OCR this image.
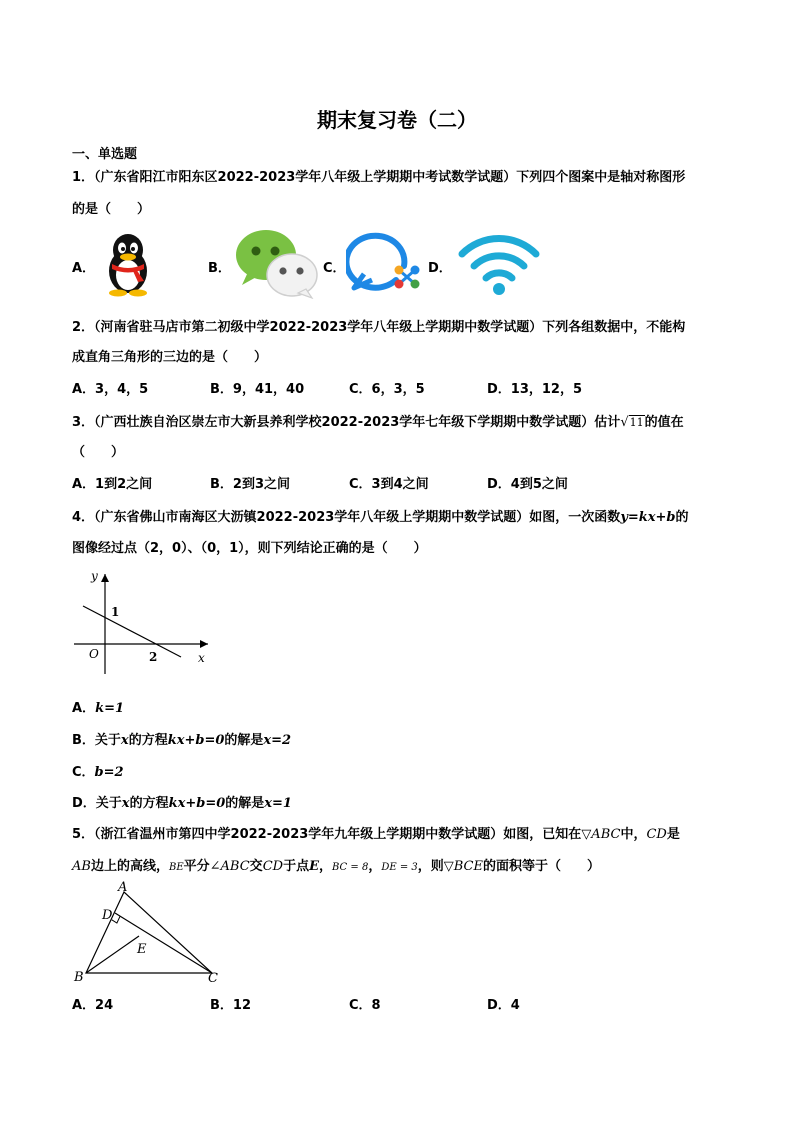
期末复习卷（二）
一、单选题
1．（广东省阳江市阳东区2022-2023学年八年级上学期期中考试数学试题）下列四个图案中是轴对称图形
的是（　　）
A．	B．	C．	D．
2．（河南省驻马店市第二初级中学2022-2023学年八年级上学期期中数学试题）下列各组数据中，不能构
成直角三角形的三边的是（　　）
A．3，4，5	B．9，41，40	C．6，3，5	D．13，12，5
3．（广西壮族自治区崇左市大新县养利学校2022-2023学年七年级下学期期中数学试题）估计√11的值在
（　　）
A．1到2之间	B．2到3之间	C．3到4之间	D．4到5之间
4．（广东省佛山市南海区大沥镇2022-2023学年八年级上学期期中数学试题）如图，一次函数y=kx+b的
图像经过点（2，0）、（0，1），则下列结论正确的是（　　）
y
x
O
1
2
A．k=1
B．关于x的方程kx+b=0的解是x=2
C．b=2
D．关于x的方程kx+b=0的解是x=1
5．（浙江省温州市第四中学2022-2023学年九年级上学期期中数学试题）如图，已知在▽ABC中，CD是
AB边上的高线，BE平分∠ABC交CD于点E，BC = 8，DE = 3，则▽BCE的面积等于（　　）
A
D
E
B	C
A．24	B．12	C．8	D．4
